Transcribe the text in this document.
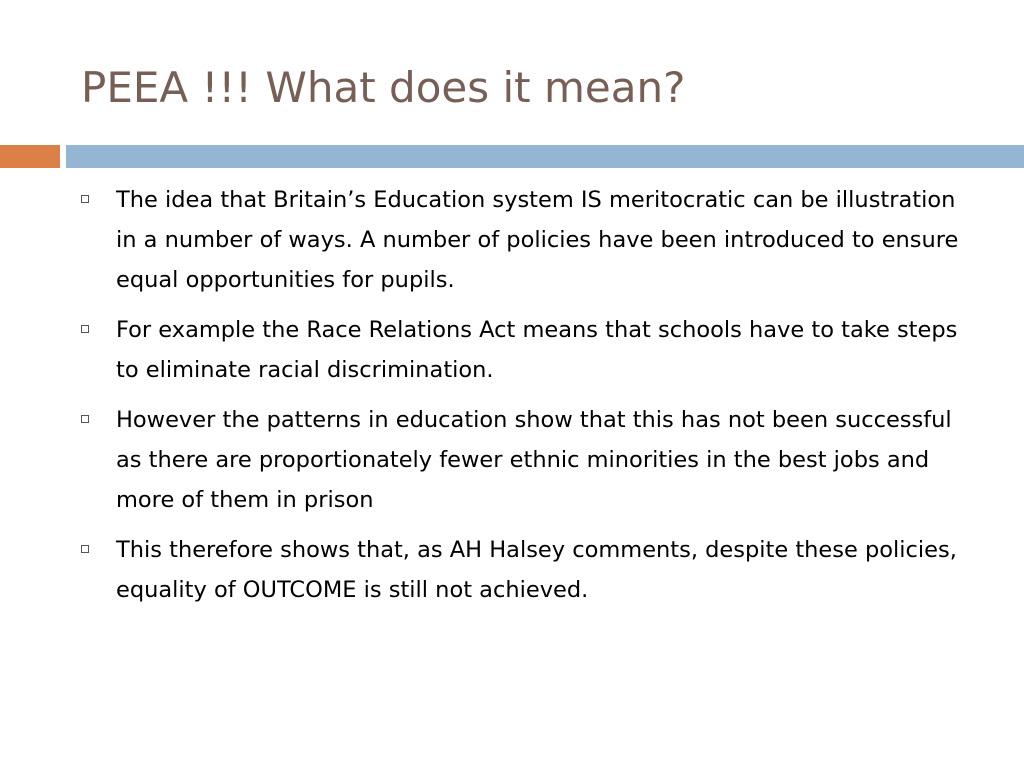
PEEA !!! What does it mean?
The idea that Britain’s Education system IS meritocratic can be illustration in a number of ways. A number of policies have been introduced to ensure equal opportunities for pupils.
For example the Race Relations Act means that schools have to take steps to eliminate racial discrimination.
However the patterns in education show that this has not been successful as there are proportionately fewer ethnic minorities in the best jobs and more of them in prison
This therefore shows that, as AH Halsey comments, despite these policies, equality of OUTCOME is still not achieved.
